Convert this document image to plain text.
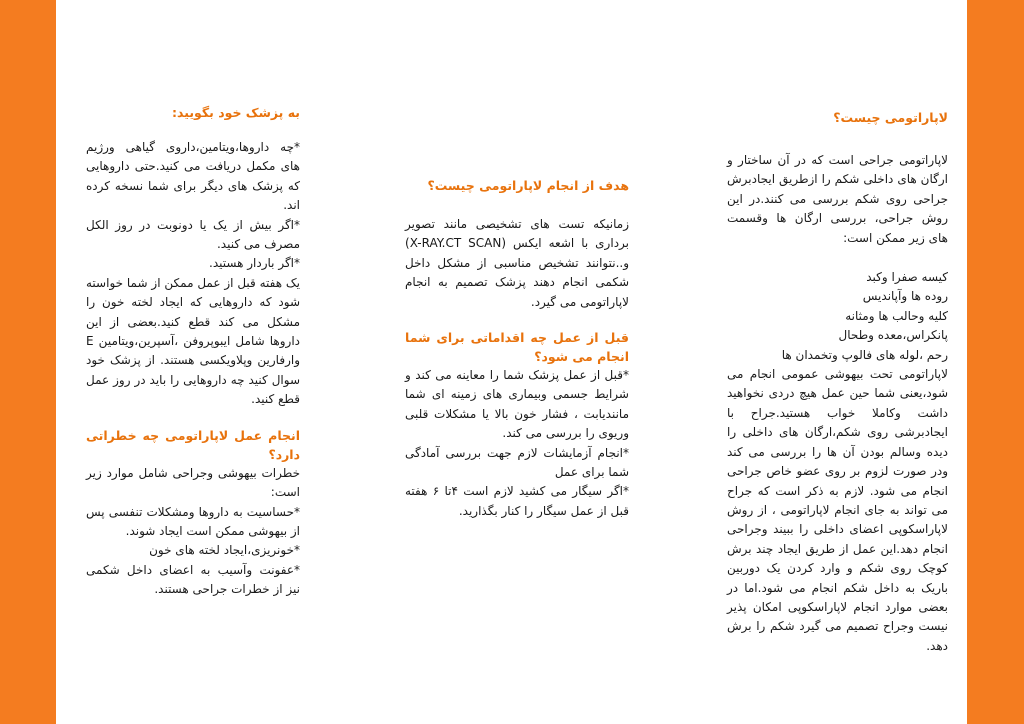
لاپاراتومی چیست؟

لاپاراتومی جراحی است که در آن ساختار و ارگان های داخلی شکم را ازطریق ایجادبرش جراحی روی شکم بررسی می کنند.در این روش جراحی، بررسی ارگان ها وقسمت های زیر ممکن است:

کیسه صفرا وکبد

روده ها وآپاندیس

کلیه وحالب ها ومثانه

پانکراس،معده وطحال

رحم ،لوله های فالوپ وتخمدان ها

لاپاراتومی تحت بیهوشی عمومی انجام می شود،یعنی شما حین عمل هیچ دردی نخواهید داشت وکاملا خواب هستید.جراح با ایجادبرشی روی شکم،ارگان های داخلی را دیده وسالم بودن آن ها را بررسی می کند ودر صورت لزوم بر روی عضو خاص جراحی انجام می شود. لازم به ذکر است که جراح می تواند به جای انجام لاپاراتومی ، از روش لاپاراسکوپی اعضای داخلی را ببیند وجراحی انجام دهد.این عمل از طریق ایجاد چند برش کوچک روی شکم و وارد کردن یک دوربین باریک به داخل شکم انجام می شود.اما در بعضی موارد انجام لاپاراسکوپی امکان پذیر نیست وجراح تصمیم می گیرد شکم را برش دهد.

هدف از انجام لاپاراتومی چیست؟

زمانیکه تست های تشخیصی مانند تصویر برداری با اشعه ایکس (X-RAY.CT SCAN) و..نتوانند تشخیص مناسبی از مشکل داخل شکمی انجام دهند پزشک تصمیم به انجام لاپاراتومی می گیرد.

قبل از عمل چه اقداماتی برای شما انجام می شود؟

*قبل از عمل پزشک شما را معاینه می کند و شرایط جسمی وبیماری های زمینه ای شما مانندیابت ، فشار خون بالا یا مشکلات قلبی وریوی را بررسی می کند.

*انجام آزمایشات لازم جهت بررسی آمادگی شما برای عمل

*اگر سیگار می کشید لازم است ۴تا ۶ هفته قبل از عمل سیگار را کنار بگذارید.

به پزشک خود بگویید:

*چه داروها،ویتامین،داروی گیاهی ورژیم های مکمل دریافت می کنید.حتی داروهایی که پزشک های دیگر برای شما نسخه کرده اند.

*اگر بیش از یک یا دونوبت در روز الکل مصرف می کنید.

*اگر باردار هستید.

یک هفته قبل از عمل ممکن از شما خواسته شود که داروهایی که ایجاد لخته خون را مشکل می کند قطع کنید.بعضی از این داروها شامل ایبوپروفن ،آسپرین،ویتامین E وارفارین وپلاویکسی هستند. از پزشک خود سوال کنید چه داروهایی را باید در روز عمل قطع کنید.

انجام عمل لاپاراتومی چه خطراتی دارد؟

خطرات بیهوشی وجراحی شامل موارد زیر است:

*حساسیت به داروها ومشکلات تنفسی پس از بیهوشی ممکن است ایجاد شوند.

*خونریزی،ایجاد لخته های خون

*عفونت وآسیب به اعضای داخل شکمی نیز از خطرات جراحی هستند.
